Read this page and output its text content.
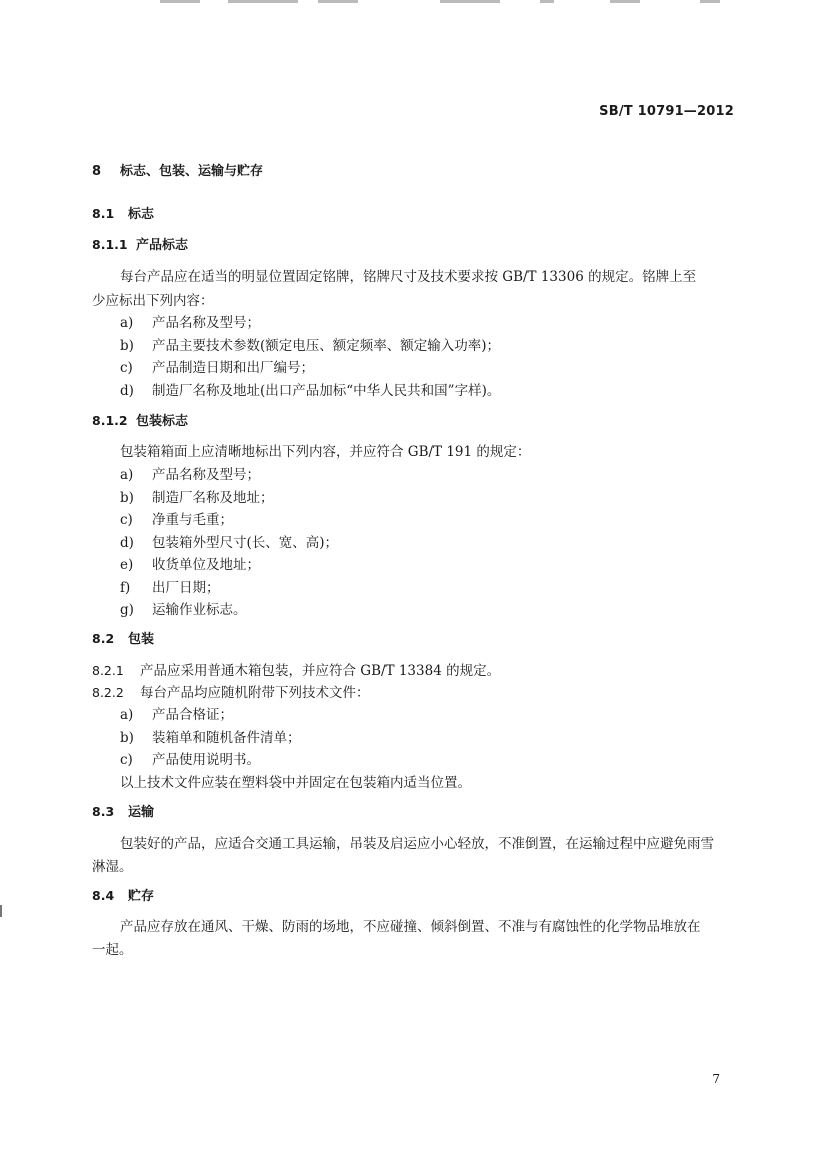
SB/T 10791—2012
8 标志、包装、运输与贮存
8.1 标志
8.1.1 产品标志
每台产品应在适当的明显位置固定铭牌，铭牌尺寸及技术要求按 GB/T 13306 的规定。铭牌上至
少应标出下列内容：
a) 产品名称及型号；
b) 产品主要技术参数(额定电压、额定频率、额定输入功率)；
c) 产品制造日期和出厂编号；
d) 制造厂名称及地址(出口产品加标“中华人民共和国”字样)。
8.1.2 包装标志
包装箱箱面上应清晰地标出下列内容，并应符合 GB/T 191 的规定：
a) 产品名称及型号；
b) 制造厂名称及地址；
c) 净重与毛重；
d) 包装箱外型尺寸(长、宽、高)；
e) 收货单位及地址；
f) 出厂日期；
g) 运输作业标志。
8.2 包装
8.2.1 产品应采用普通木箱包装，并应符合 GB/T 13384 的规定。
8.2.2 每台产品均应随机附带下列技术文件：
a) 产品合格证；
b) 装箱单和随机备件清单；
c) 产品使用说明书。
以上技术文件应装在塑料袋中并固定在包装箱内适当位置。
8.3 运输
包装好的产品，应适合交通工具运输，吊装及启运应小心轻放，不准倒置，在运输过程中应避免雨雪
淋湿。
8.4 贮存
产品应存放在通风、干燥、防雨的场地，不应碰撞、倾斜倒置、不准与有腐蚀性的化学物品堆放在
一起。
7
